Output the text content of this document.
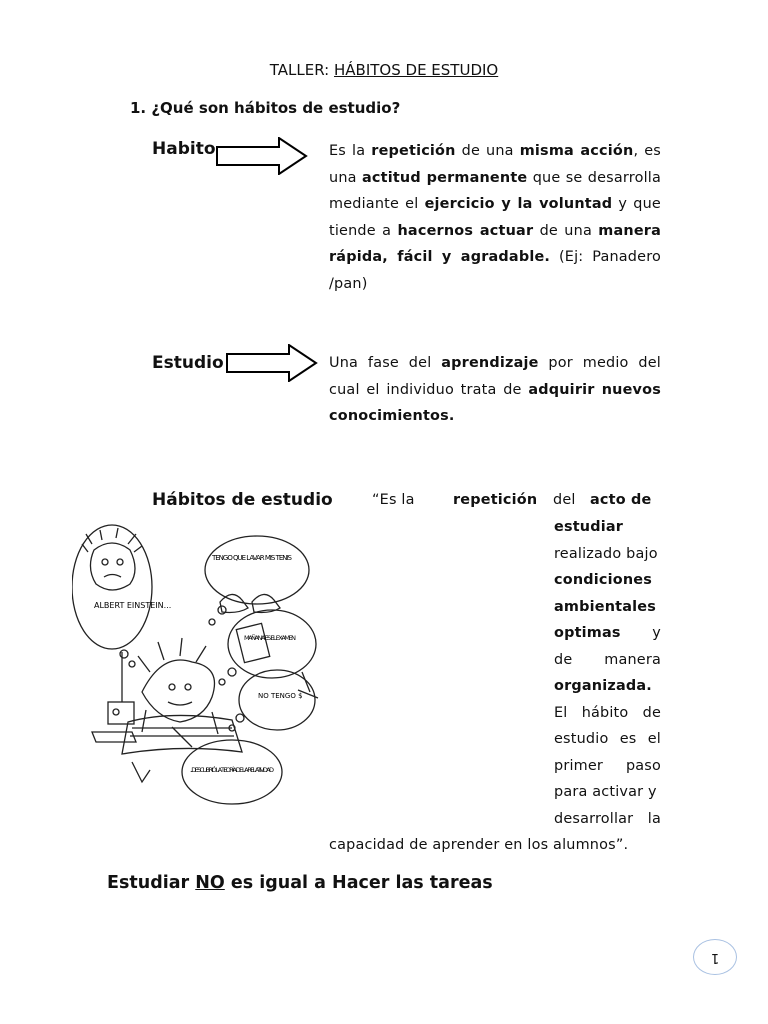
TALLER: HÁBITOS DE ESTUDIO
1. ¿Qué son hábitos de estudio?
Habito	Es la repetición de una misma acción, es una actitud permanente que se desarrolla mediante el ejercicio y la voluntad y que tiende a hacernos actuar de una manera rápida, fácil y agradable. (Ej: Panadero /pan)
Estudio	Una fase del aprendizaje por medio del cual el individuo trata de adquirir nuevos conocimientos.
Hábitos de estudio	“Es la	repetición del acto de
estudiar
realizado bajo
condiciones
ambientales
optimas y
de manera
organizada.
El hábito de
estudio es el
primer paso
para activar y
desarrollar la
capacidad de aprender en los alumnos”.
ALBERT EINSTEIN...
TENGO QUE LAVAR MIS TENIS
MAÑANA ES EL EXAMEN
NO TENGO $
...DESCUBRIÓ LA TEORÍA DE LA RELATIVIDAD
Estudiar NO es igual a Hacer las tareas
1
